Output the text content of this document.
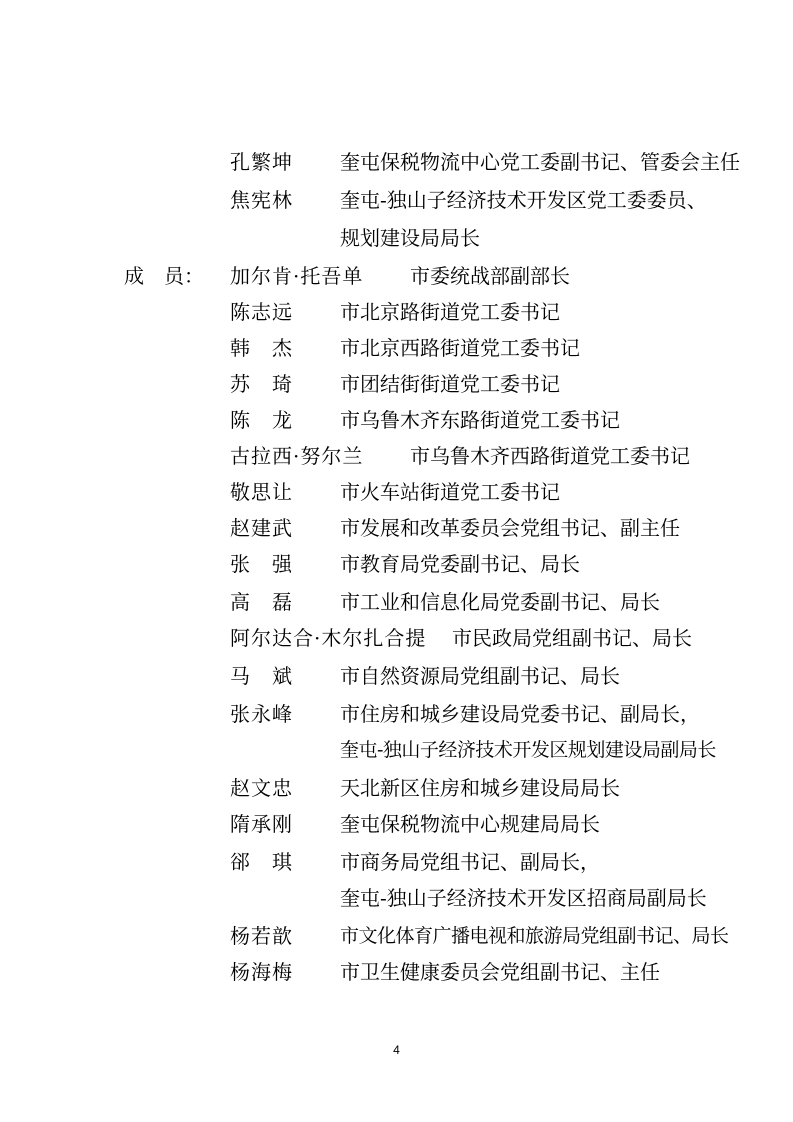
孔繁坤 奎屯保税物流中心党工委副书记、管委会主任
焦宪林 奎屯-独山子经济技术开发区党工委委员、
规划建设局局长
成　员： 加尔肯·托吾单 市委统战部副部长
陈志远 市北京路街道党工委书记
韩　杰 市北京西路街道党工委书记
苏　琦 市团结街街道党工委书记
陈　龙 市乌鲁木齐东路街道党工委书记
古拉西·努尔兰 市乌鲁木齐西路街道党工委书记
敬思让 市火车站街道党工委书记
赵建武 市发展和改革委员会党组书记、副主任
张　强 市教育局党委副书记、局长
高　磊 市工业和信息化局党委副书记、局长
阿尔达合·木尔扎合提 市民政局党组副书记、局长
马　斌 市自然资源局党组副书记、局长
张永峰 市住房和城乡建设局党委书记、副局长，
奎屯-独山子经济技术开发区规划建设局副局长
赵文忠 天北新区住房和城乡建设局局长
隋承刚 奎屯保税物流中心规建局局长
郤　琪 市商务局党组书记、副局长，
奎屯-独山子经济技术开发区招商局副局长
杨若歆 市文化体育广播电视和旅游局党组副书记、局长
杨海梅 市卫生健康委员会党组副书记、主任
4
